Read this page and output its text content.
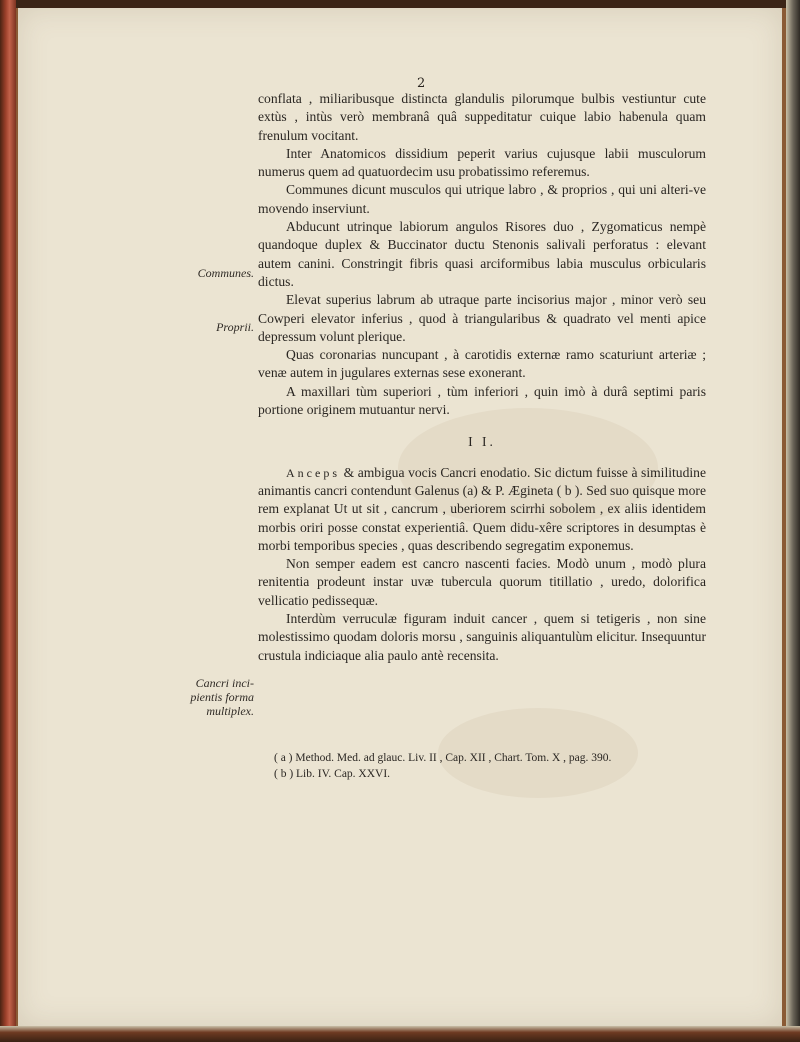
2
Communes.
Proprii.
Cancri inci-
pientis forma
multiplex.

conflata , miliaribusque distincta glandulis pilorumque bulbis vestiuntur cute extùs , intùs verò membranâ quâ suppeditatur cuique labio habenula quam frenulum vocitant.

Inter Anatomicos dissidium peperit varius cujusque labii musculorum numerus quem ad quatuordecim usu probatissimo referemus.

Communes dicunt musculos qui utrique labro , & proprios , qui uni alteri-ve movendo inserviunt.

Abducunt utrinque labiorum angulos Risores duo , Zygomaticus nempè quandoque duplex & Buccinator ductu Stenonis salivali perforatus : elevant autem canini. Constringit fibris quasi arciformibus labia musculus orbicularis dictus.

Elevat superius labrum ab utraque parte incisorius major , minor verò seu Cowperi elevator inferius , quod à triangularibus & quadrato vel menti apice depressum volunt plerique.

Quas coronarias nuncupant , à carotidis externæ ramo scaturiunt arteriæ ; venæ autem in jugulares externas sese exonerant.

A maxillari tùm superiori , tùm inferiori , quin imò à durâ septimi paris portione originem mutuantur nervi.

I I.

Anceps & ambigua vocis Cancri enodatio. Sic dictum fuisse à similitudine animantis cancri contendunt Galenus (a) & P. Ægineta ( b ). Sed suo quisque more rem explanat Ut ut sit , cancrum , uberiorem scirrhi sobolem , ex aliis identidem morbis oriri posse constat experientiâ. Quem didu-xêre scriptores in desumptas è morbi temporibus species , quas describendo segregatim exponemus.

Non semper eadem est cancro nascenti facies. Modò unum , modò plura renitentia prodeunt instar uvæ tubercula quorum titillatio , uredo, dolorifica vellicatio pedissequæ.

Interdùm verruculæ figuram induit cancer , quem si tetigeris , non sine molestissimo quodam doloris morsu , sanguinis aliquantulùm elicitur. Insequuntur crustula indiciaque alia paulo antè recensita.

( a ) Method. Med. ad glauc. Liv. II , Cap. XII , Chart. Tom. X , pag. 390.

( b ) Lib. IV. Cap. XXVI.
